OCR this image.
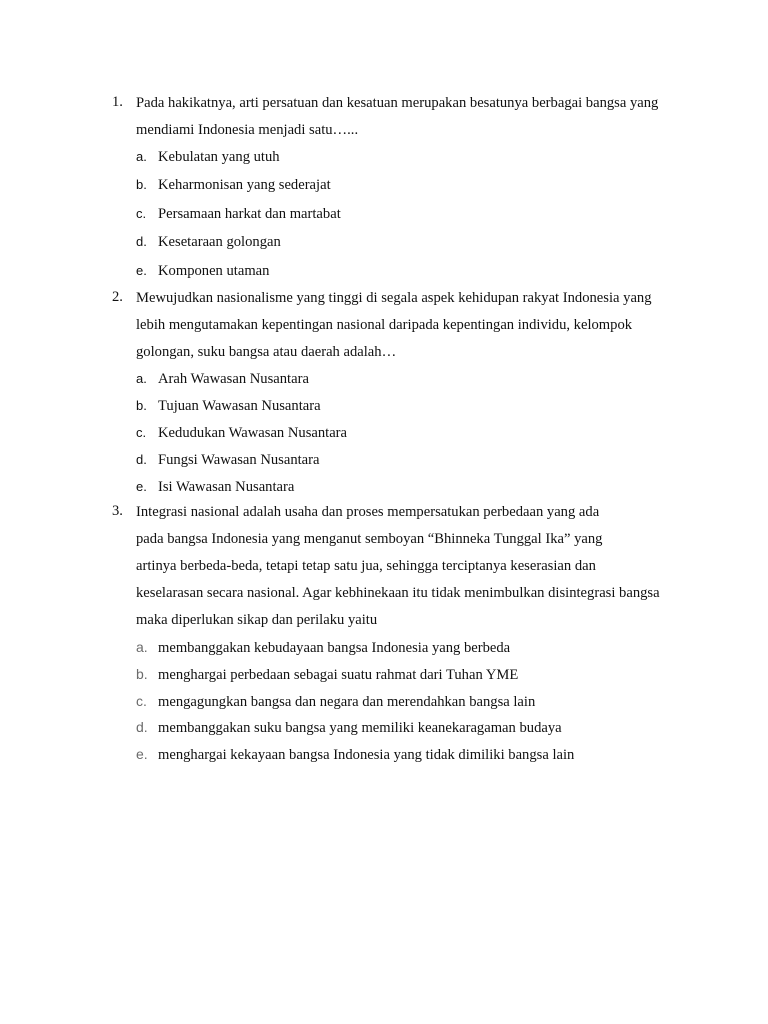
1. Pada hakikatnya, arti persatuan dan kesatuan merupakan besatunya berbagai bangsa yang
mendiami Indonesia menjadi satu…...
a. Kebulatan yang utuh
b. Keharmonisan yang sederajat
c. Persamaan harkat dan martabat
d. Kesetaraan golongan
e. Komponen utaman
2. Mewujudkan nasionalisme yang tinggi di segala aspek kehidupan rakyat Indonesia yang
lebih mengutamakan kepentingan nasional daripada kepentingan individu, kelompok
golongan, suku bangsa atau daerah adalah…
a. Arah Wawasan Nusantara
b. Tujuan Wawasan Nusantara
c. Kedudukan Wawasan Nusantara
d. Fungsi Wawasan Nusantara
e. Isi Wawasan Nusantara
3. Integrasi nasional adalah usaha dan proses mempersatukan perbedaan yang ada
pada bangsa Indonesia yang menganut semboyan “Bhinneka Tunggal Ika” yang
artinya berbeda-beda, tetapi tetap satu jua, sehingga terciptanya keserasian dan
keselarasan secara nasional. Agar kebhinekaan itu tidak menimbulkan disintegrasi bangsa
maka diperlukan sikap dan perilaku yaitu
a. membanggakan kebudayaan bangsa Indonesia yang berbeda
b. menghargai perbedaan sebagai suatu rahmat dari Tuhan YME
c. mengagungkan bangsa dan negara dan merendahkan bangsa lain
d. membanggakan suku bangsa yang memiliki keanekaragaman budaya
e. menghargai kekayaan bangsa Indonesia yang tidak dimiliki bangsa lain
